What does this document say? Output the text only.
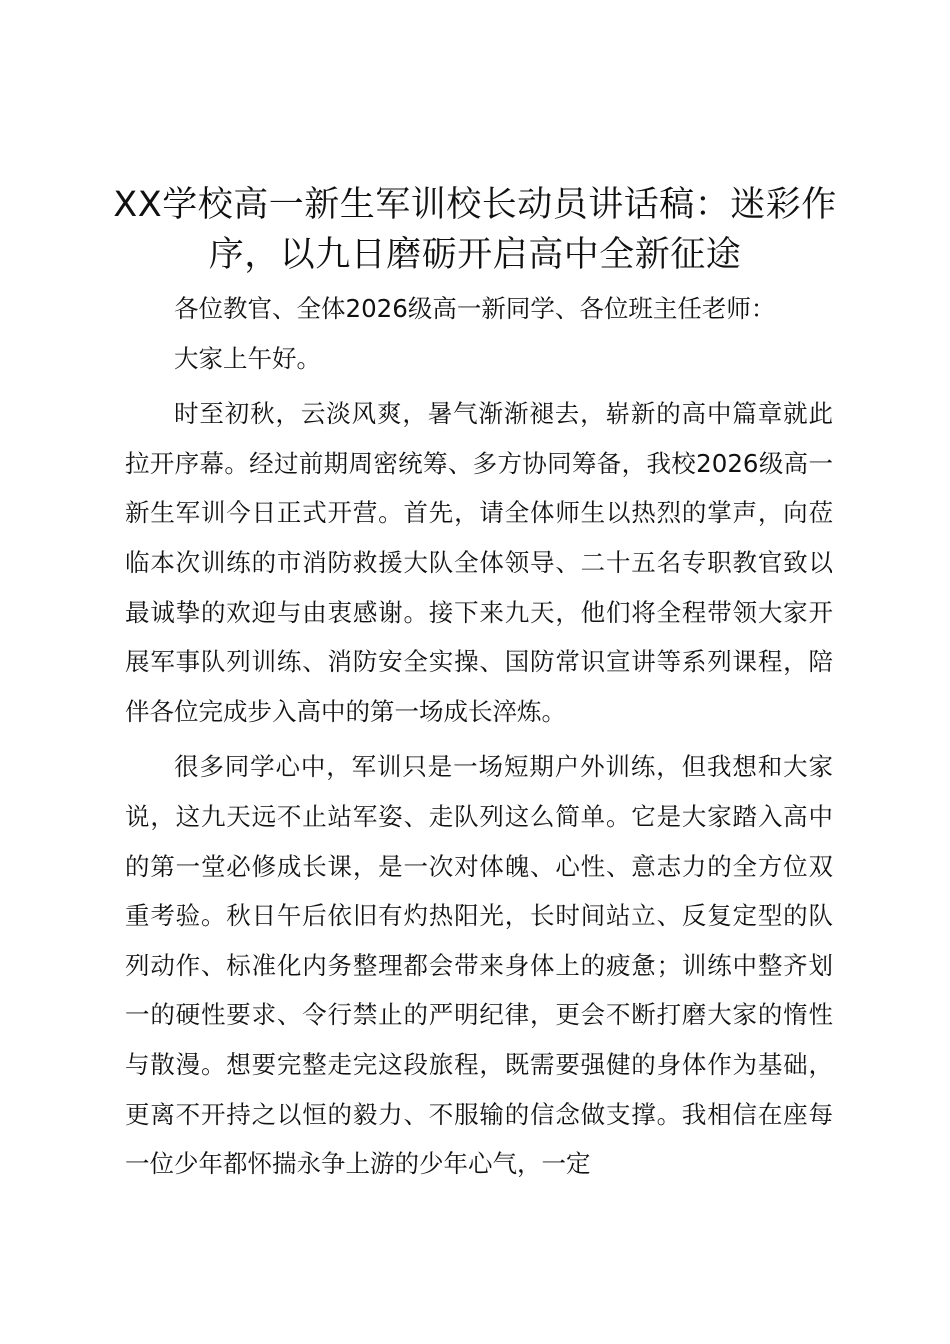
XX学校高一新生军训校长动员讲话稿：迷彩作序，以九日磨砺开启高中全新征途

各位教官、全体2026级高一新同学、各位班主任老师：

大家上午好。

时至初秋，云淡风爽，暑气渐渐褪去，崭新的高中篇章就此拉开序幕。经过前期周密统筹、多方协同筹备，我校2026级高一新生军训今日正式开营。首先，请全体师生以热烈的掌声，向莅临本次训练的市消防救援大队全体领导、二十五名专职教官致以最诚挚的欢迎与由衷感谢。接下来九天，他们将全程带领大家开展军事队列训练、消防安全实操、国防常识宣讲等系列课程，陪伴各位完成步入高中的第一场成长淬炼。

很多同学心中，军训只是一场短期户外训练，但我想和大家说，这九天远不止站军姿、走队列这么简单。它是大家踏入高中的第一堂必修成长课，是一次对体魄、心性、意志力的全方位双重考验。秋日午后依旧有灼热阳光，长时间站立、反复定型的队列动作、标准化内务整理都会带来身体上的疲惫；训练中整齐划一的硬性要求、令行禁止的严明纪律，更会不断打磨大家的惰性与散漫。想要完整走完这段旅程，既需要强健的身体作为基础，更离不开持之以恒的毅力、不服输的信念做支撑。我相信在座每一位少年都怀揣永争上游的少年心气，一定
